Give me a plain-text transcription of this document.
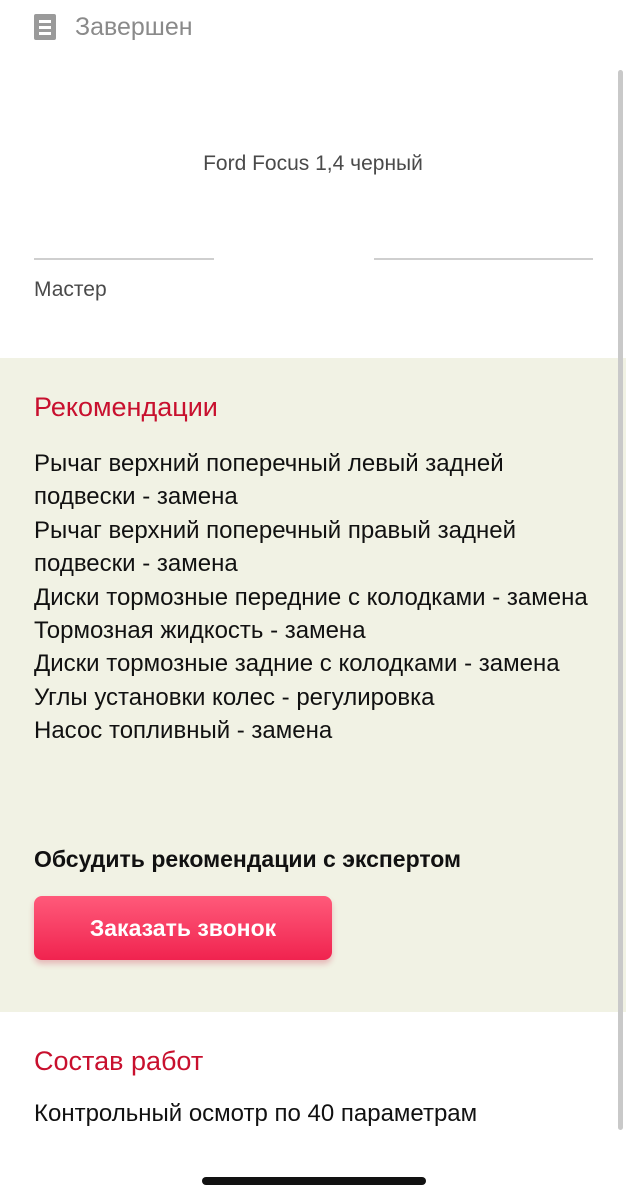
Завершен
Ford Focus 1,4 черный
Мастер
Рекомендации
Рычаг верхний поперечный левый задней подвески - замена
Рычаг верхний поперечный правый задней подвески - замена
Диски тормозные передние с колодками - замена
Тормозная жидкость - замена
Диски тормозные задние с колодками - замена
Углы установки колес - регулировка
Насос топливный - замена
Обсудить рекомендации с экспертом
Заказать звонок
Состав работ
Контрольный осмотр по 40 параметрам
